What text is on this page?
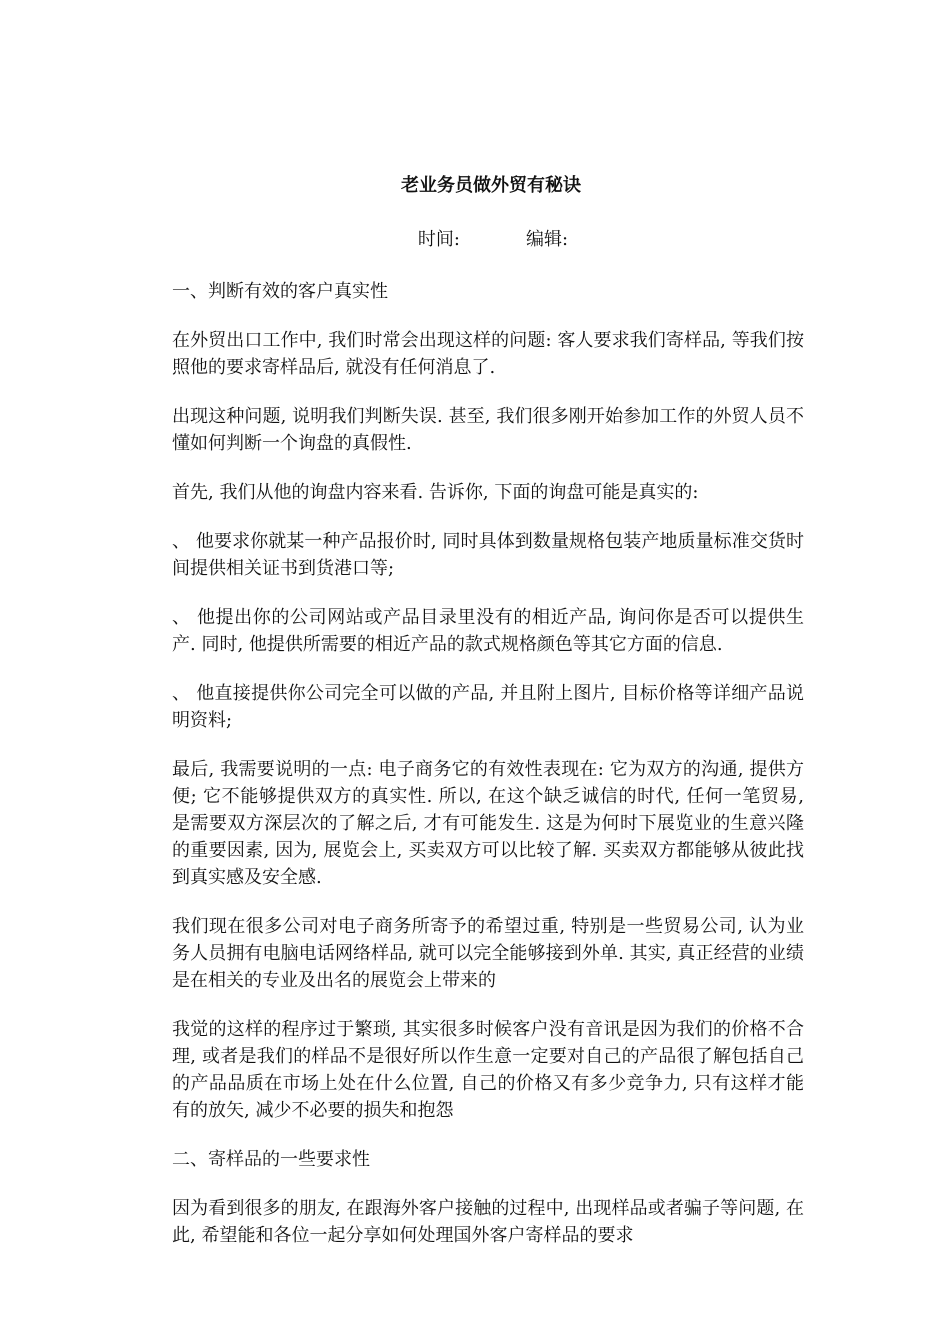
老业务员做外贸有秘诀
时间:	编辑:

一、判断有效的客户真实性

在外贸出口工作中, 我们时常会出现这样的问题: 客人要求我们寄样品, 等我们按照他的要求寄样品后, 就没有任何消息了.

出现这种问题, 说明我们判断失误. 甚至, 我们很多刚开始参加工作的外贸人员不懂如何判断一个询盘的真假性.

首先, 我们从他的询盘内容来看. 告诉你, 下面的询盘可能是真实的:

、 他要求你就某一种产品报价时, 同时具体到数量规格包装产地质量标准交货时间提供相关证书到货港口等;

、 他提出你的公司网站或产品目录里没有的相近产品, 询问你是否可以提供生产. 同时, 他提供所需要的相近产品的款式规格颜色等其它方面的信息.

、 他直接提供你公司完全可以做的产品, 并且附上图片, 目标价格等详细产品说明资料;

最后, 我需要说明的一点: 电子商务它的有效性表现在: 它为双方的沟通, 提供方便; 它不能够提供双方的真实性. 所以, 在这个缺乏诚信的时代, 任何一笔贸易, 是需要双方深层次的了解之后, 才有可能发生. 这是为何时下展览业的生意兴隆的重要因素, 因为, 展览会上, 买卖双方可以比较了解. 买卖双方都能够从彼此找到真实感及安全感.

我们现在很多公司对电子商务所寄予的希望过重, 特别是一些贸易公司, 认为业务人员拥有电脑电话网络样品, 就可以完全能够接到外单. 其实, 真正经营的业绩是在相关的专业及出名的展览会上带来的

我觉的这样的程序过于繁琐, 其实很多时候客户没有音讯是因为我们的价格不合理, 或者是我们的样品不是很好所以作生意一定要对自己的产品很了解包括自己的产品品质在市场上处在什么位置, 自己的价格又有多少竞争力, 只有这样才能有的放矢, 减少不必要的损失和抱怨

二、寄样品的一些要求性

因为看到很多的朋友, 在跟海外客户接触的过程中, 出现样品或者骗子等问题, 在此, 希望能和各位一起分享如何处理国外客户寄样品的要求
